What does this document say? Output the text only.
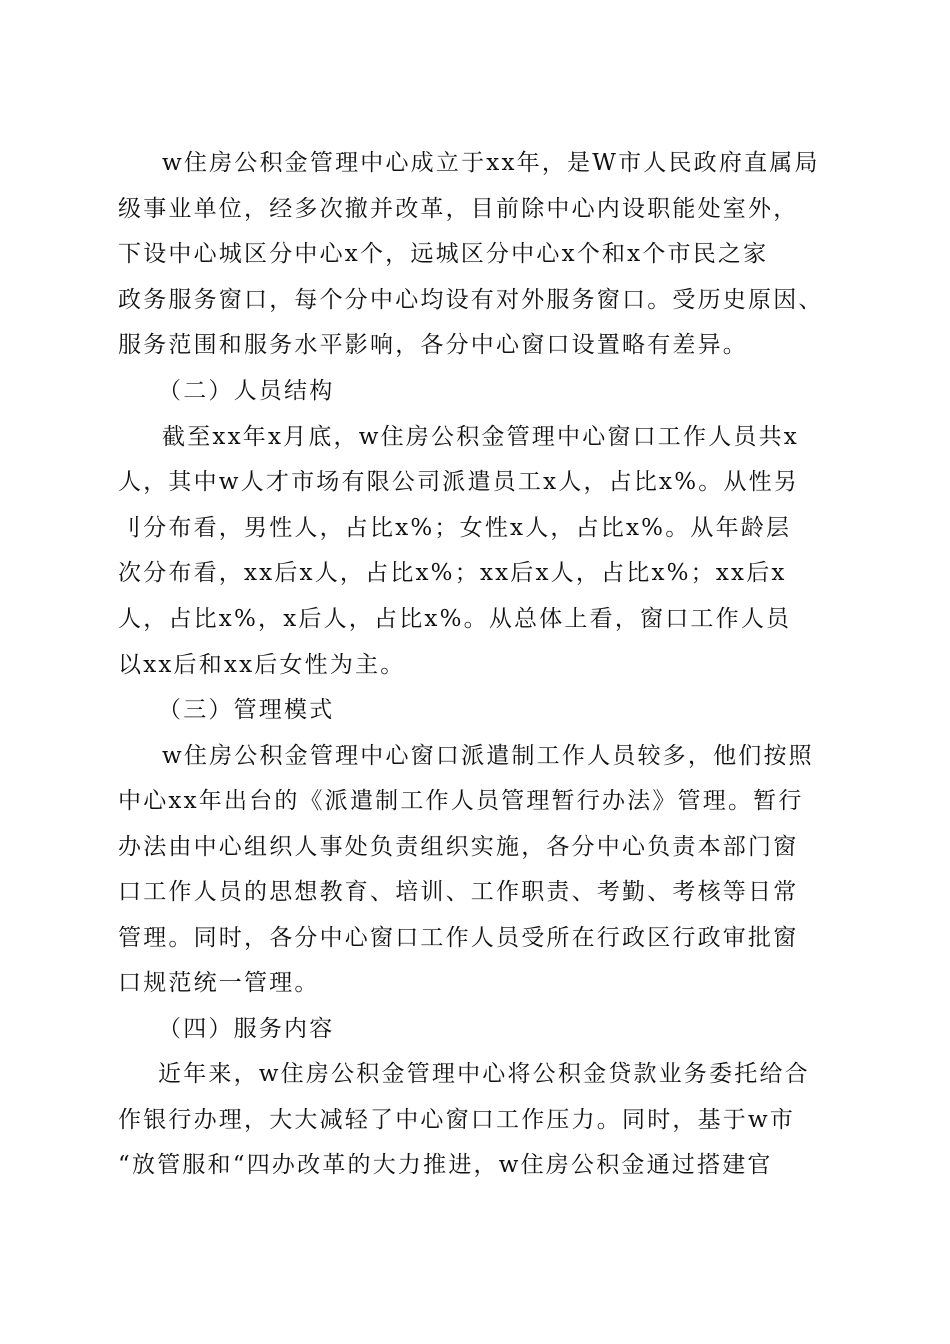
w住房公积金管理中心成立于xx年，是W市人民政府直属局
级事业单位，经多次撤并改革，目前除中心内设职能处室外，
下设中心城区分中心x个，远城区分中心x个和x个市民之家
政务服务窗口，每个分中心均设有对外服务窗口。受历史原因、
服务范围和服务水平影响，各分中心窗口设置略有差异。
（二）人员结构
截至xx年x月底，w住房公积金管理中心窗口工作人员共x
人，其中w人才市场有限公司派遣员工x人，占比x%。从性另
刂分布看，男性人，占比x%；女性x人，占比x%。从年龄层
次分布看，xx后x人，占比x%；xx后x人，占比x%；xx后x
人，占比x%，x后人，占比x%。从总体上看，窗口工作人员
以xx后和xx后女性为主。
（三）管理模式
w住房公积金管理中心窗口派遣制工作人员较多，他们按照
中心xx年出台的《派遣制工作人员管理暂行办法》管理。暂行
办法由中心组织人事处负责组织实施，各分中心负责本部门窗
口工作人员的思想教育、培训、工作职责、考勤、考核等日常
管理。同时，各分中心窗口工作人员受所在行政区行政审批窗
口规范统一管理。
（四）服务内容
近年来，w住房公积金管理中心将公积金贷款业务委托给合
作银行办理，大大减轻了中心窗口工作压力。同时，基于w市
“放管服和“四办改革的大力推进，w住房公积金通过搭建官
